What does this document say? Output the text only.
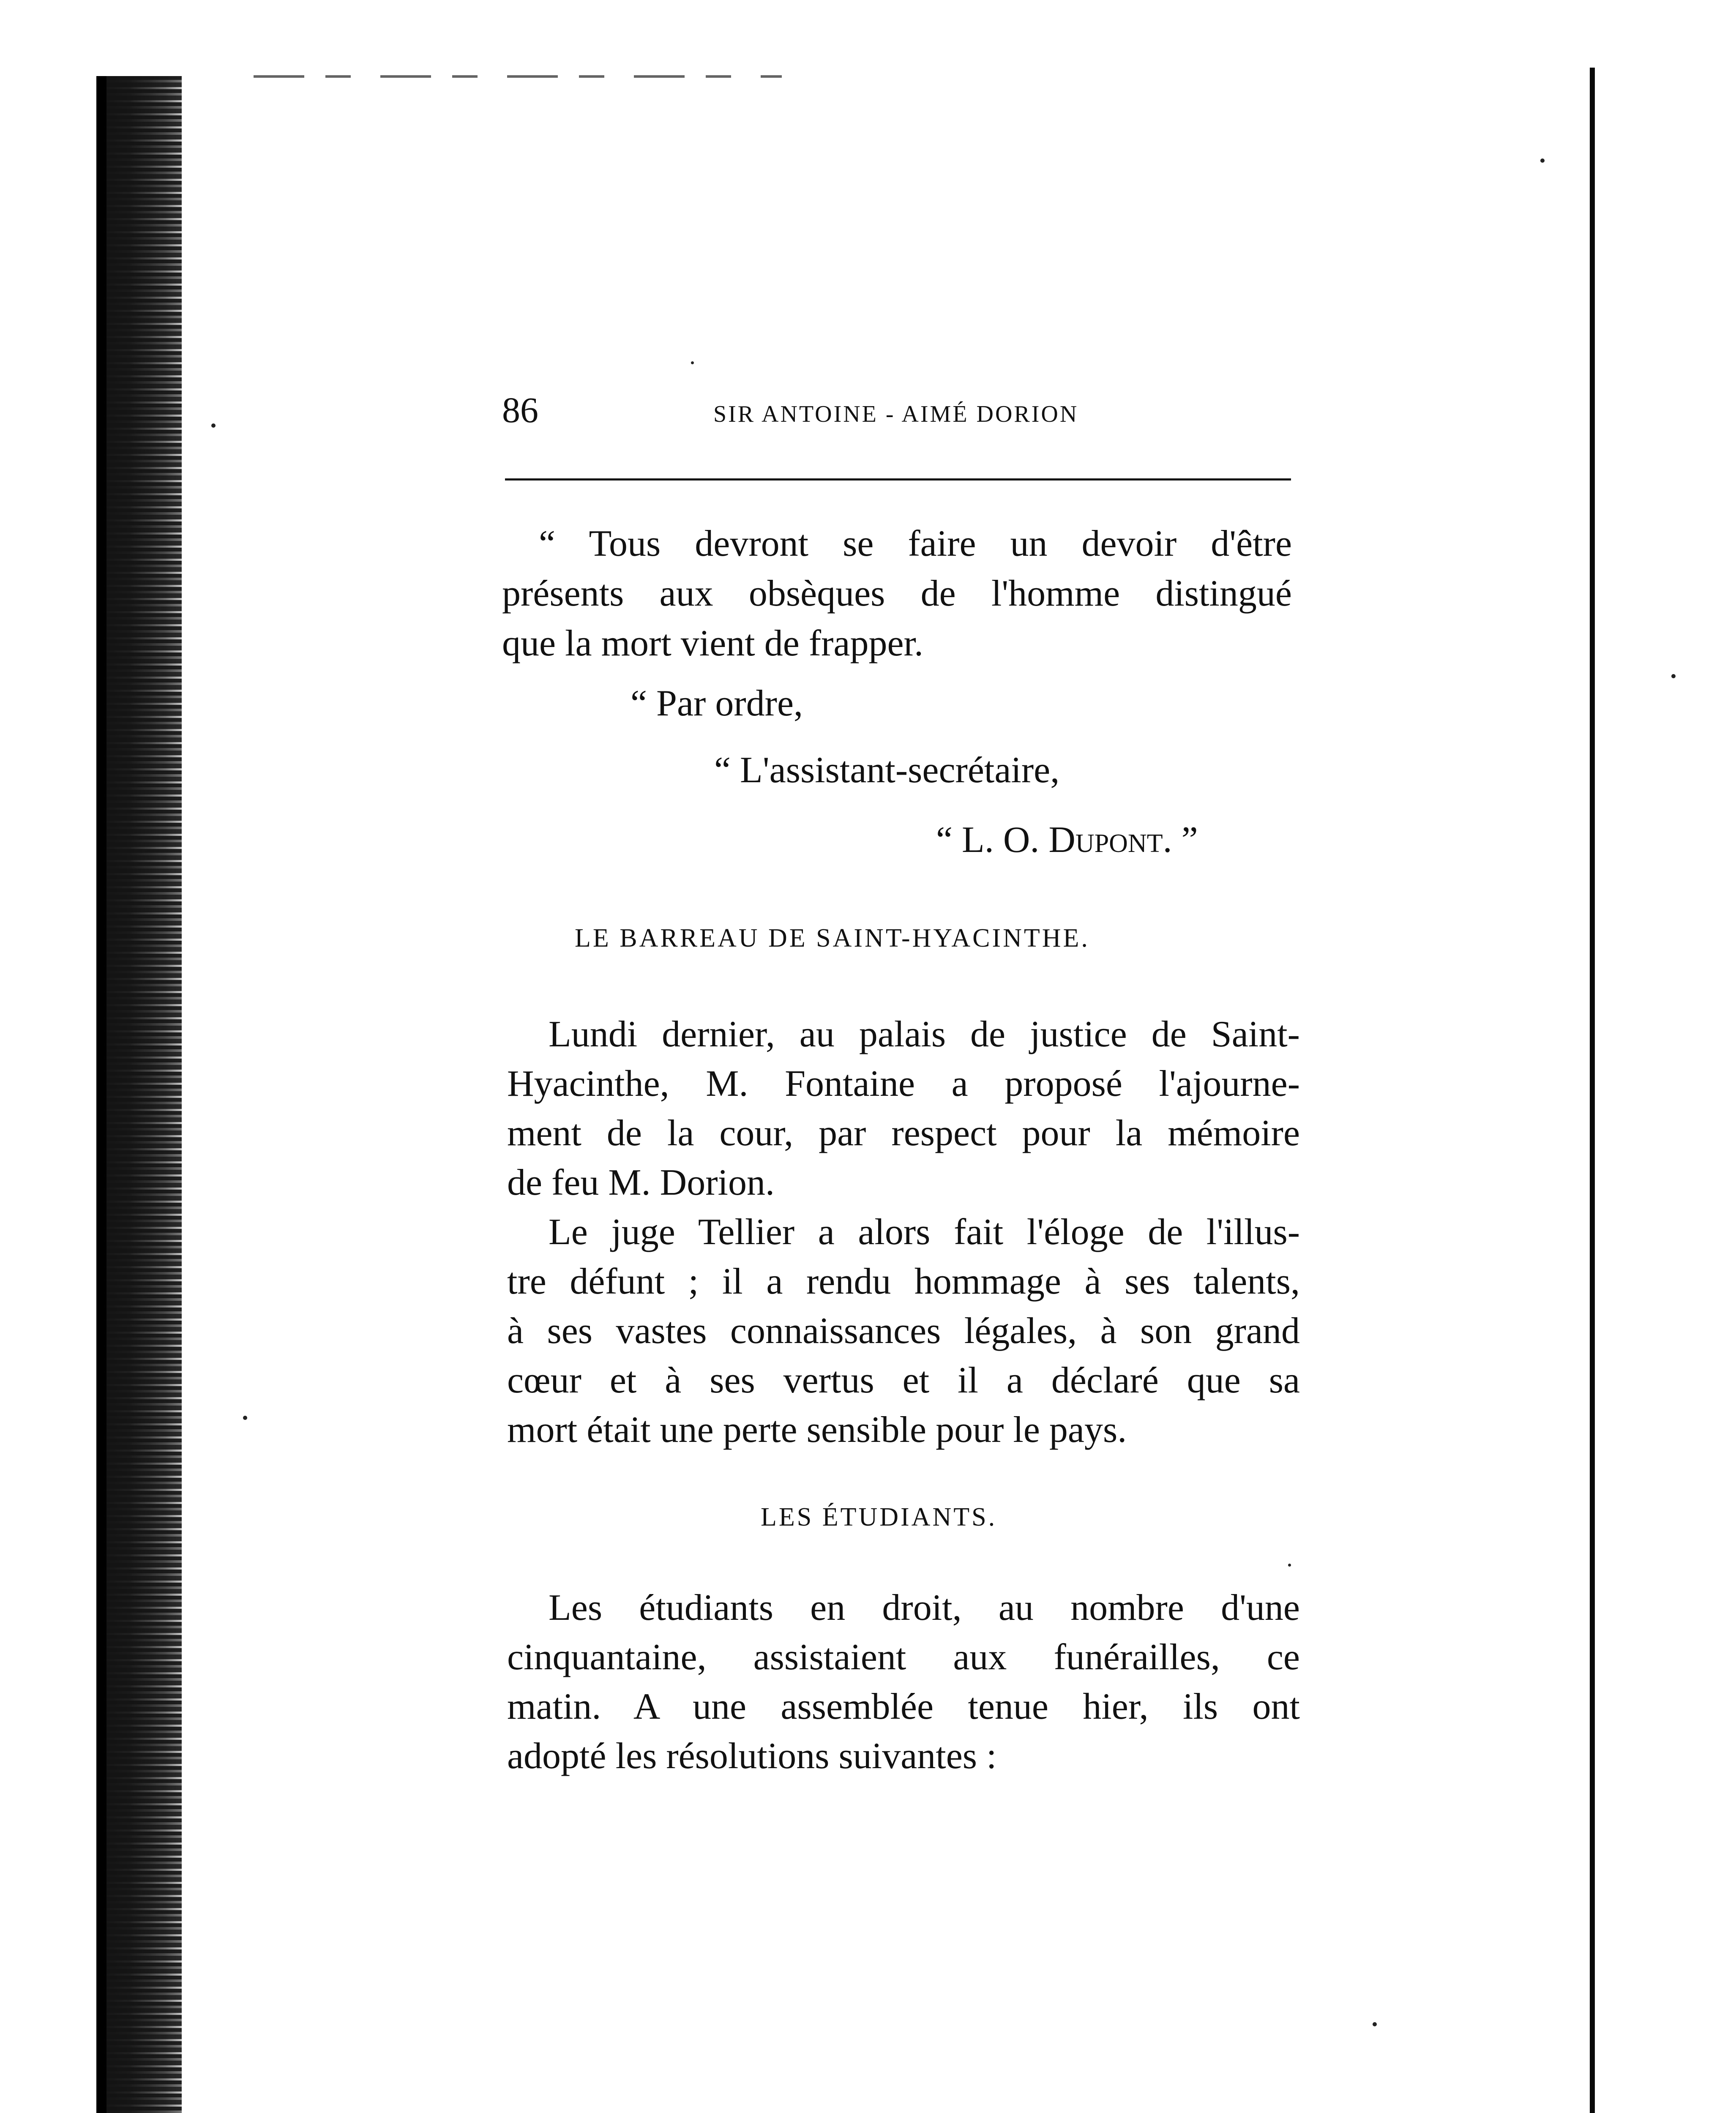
86	SIR ANTOINE - AIMÉ DORION
“ Tous devront se faire un devoir d'être
présents aux obsèques de l'homme distingué
que la mort vient de frapper.
“ Par ordre,
“ L'assistant-secrétaire,
“ L. O. Dupont. ”
LE BARREAU DE SAINT-HYACINTHE.
Lundi dernier, au palais de justice de Saint-
Hyacinthe, M. Fontaine a proposé l'ajourne-
ment de la cour, par respect pour la mémoire
de feu M. Dorion.
Le juge Tellier a alors fait l'éloge de l'illus-
tre défunt ; il a rendu hommage à ses talents,
à ses vastes connaissances légales, à son grand
cœur et à ses vertus et il a déclaré que sa
mort était une perte sensible pour le pays.
LES ÉTUDIANTS.
Les étudiants en droit, au nombre d'une
cinquantaine, assistaient aux funérailles, ce
matin. A une assemblée tenue hier, ils ont
adopté les résolutions suivantes :
